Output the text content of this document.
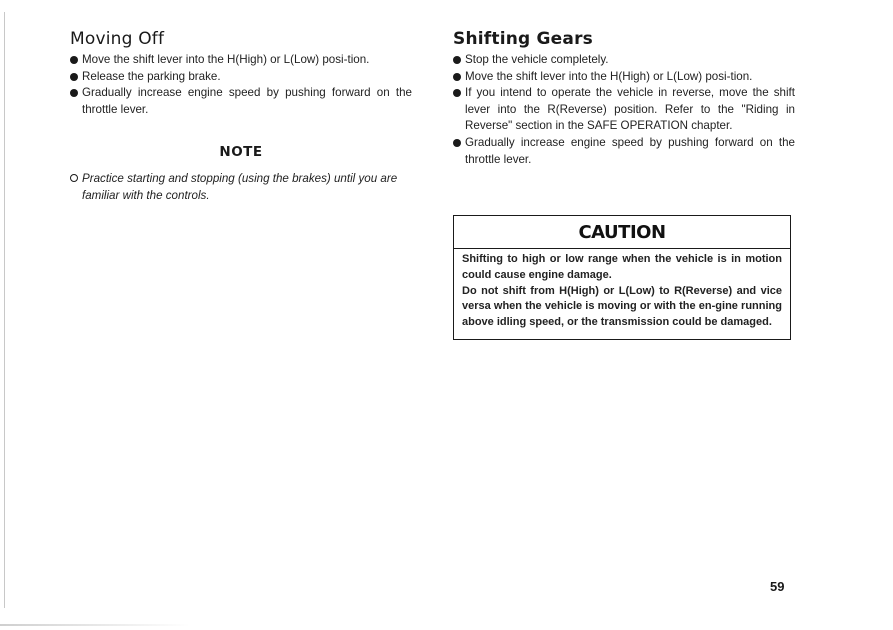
Moving Off
Move the shift lever into the H(High) or L(Low) posi-tion.
Release the parking brake.
Gradually increase engine speed by pushing forward on the throttle lever.
NOTE
Practice starting and stopping (using the brakes) until you are familiar with the controls.
Shifting Gears
Stop the vehicle completely.
Move the shift lever into the H(High) or L(Low) posi-tion.
If you intend to operate the vehicle in reverse, move the shift lever into the R(Reverse) position. Refer to the "Riding in Reverse" section in the SAFE OPERATION chapter.
Gradually increase engine speed by pushing forward on the throttle lever.
CAUTION

Shifting to high or low range when the vehicle is in motion could cause engine damage.

Do not shift from H(High) or L(Low) to R(Reverse) and vice versa when the vehicle is moving or with the en-gine running above idling speed, or the transmission could be damaged.

59
